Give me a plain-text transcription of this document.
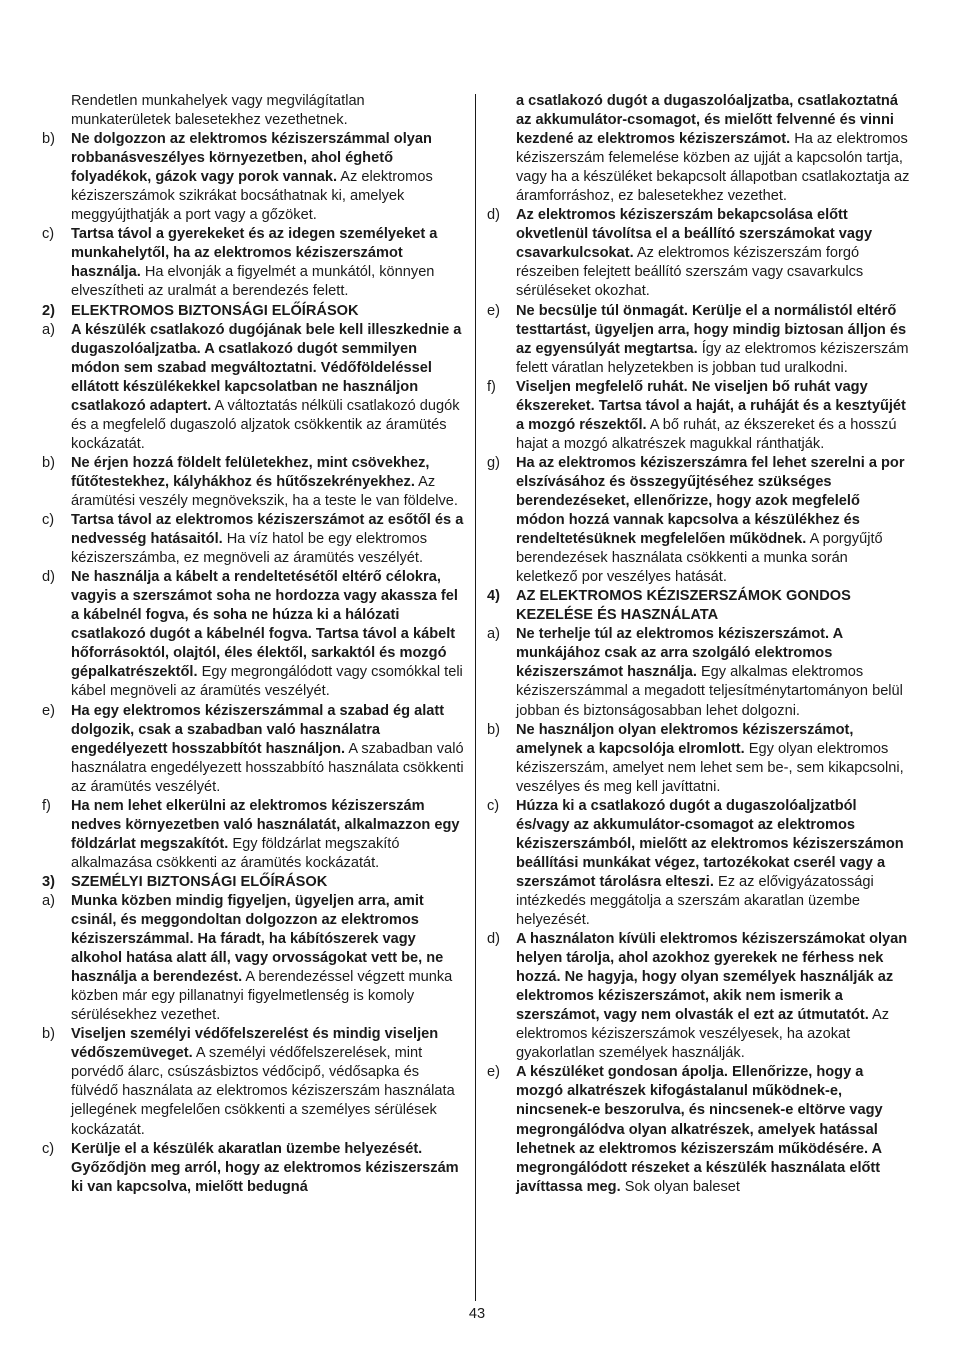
Rendetlen munkahelyek vagy megvilágítatlan munkaterületek balesetekhez vezethetnek.

b) Ne dolgozzon az elektromos kéziszerszámmal olyan robbanásveszélyes környezetben, ahol éghető folyadékok, gázok vagy porok vannak. Az elektromos kéziszerszámok szikrákat bocsáthatnak ki, amelyek meggyújthatják a port vagy a gőzöket.

c) Tartsa távol a gyerekeket és az idegen személyeket a munkahelytől, ha az elektromos kéziszerszámot használja. Ha elvonják a figyelmét a munkától, könnyen elveszítheti az uralmát a berendezés felett.

2) ELEKTROMOS BIZTONSÁGI ELŐÍRÁSOK

a) A készülék csatlakozó dugójának bele kell illeszkednie a dugaszolóaljzatba. A csatlakozó dugót semmilyen módon sem szabad megváltoztatni. Védőföldeléssel ellátott készülékekkel kapcsolatban ne használjon csatlakozó adaptert. A változtatás nélküli csatlakozó dugók és a megfelelő dugaszoló aljzatok csökkentik az áramütés kockázatát.

b) Ne érjen hozzá földelt felületekhez, mint csövekhez, fűtőtestekhez, kályhákhoz és hűtőszekrényekhez. Az áramütési veszély megnövekszik, ha a teste le van földelve.

c) Tartsa távol az elektromos kéziszerszámot az esőtől és a nedvesség hatásaitól. Ha víz hatol be egy elektromos kéziszerszámba, ez megnöveli az áramütés veszélyét.

d) Ne használja a kábelt a rendeltetésétől eltérő célokra, vagyis a szerszámot soha ne hordozza vagy akassza fel a kábelnél fogva, és soha ne húzza ki a hálózati csatlakozó dugót a kábelnél fogva. Tartsa távol a kábelt hőforrásoktól, olajtól, éles élektől, sarkaktól és mozgó gépalkatrészektől. Egy megrongálódott vagy csomókkal teli kábel megnöveli az áramütés veszélyét.

e) Ha egy elektromos kéziszerszámmal a szabad ég alatt dolgozik, csak a szabadban való használatra engedélyezett hosszabbítót használjon. A szabadban való használatra engedélyezett hosszabbító használata csökkenti az áramütés veszélyét.

f) Ha nem lehet elkerülni az elektromos kéziszerszám nedves környezetben való használatát, alkalmazzon egy földzárlat megszakítót. Egy földzárlat megszakító alkalmazása csökkenti az áramütés kockázatát.

3) SZEMÉLYI BIZTONSÁGI ELŐÍRÁSOK

a) Munka közben mindig figyeljen, ügyeljen arra, amit csinál, és meggondoltan dolgozzon az elektromos kéziszerszámmal. Ha fáradt, ha kábítószerek vagy alkohol hatása alatt áll, vagy orvosságokat vett be, ne használja a berendezést. A berendezéssel végzett munka közben már egy pillanatnyi figyelmetlenség is komoly sérülésekhez vezethet.

b) Viseljen személyi védőfelszerelést és mindig viseljen védőszemüveget. A személyi védőfelszerelések, mint porvédő álarc, csúszásbiztos védőcipő, védősapka és fülvédő használata az elektromos kéziszerszám használata jellegének megfelelően csökkenti a személyes sérülések kockázatát.

c) Kerülje el a készülék akaratlan üzembe helyezését. Győződjön meg arról, hogy az elektromos kéziszerszám ki van kapcsolva, mielőtt bedugná

a csatlakozó dugót a dugaszolóaljzatba, csatlakoztatná az akkumulátor-csomagot, és mielőtt felvenné és vinni kezdené az elektromos kéziszerszámot. Ha az elektromos kéziszerszám felemelése közben az ujját a kapcsolón tartja, vagy ha a készüléket bekapcsolt állapotban csatlakoztatja az áramforráshoz, ez balesetekhez vezethet.

d) Az elektromos kéziszerszám bekapcsolása előtt okvetlenül távolítsa el a beállító szerszámokat vagy csavarkulcsokat. Az elektromos kéziszerszám forgó részeiben felejtett beállító szerszám vagy csavarkulcs sérüléseket okozhat.

e) Ne becsülje túl önmagát. Kerülje el a normálistól eltérő testtartást, ügyeljen arra, hogy mindig biztosan álljon és az egyensúlyát megtartsa. Így az elektromos kéziszerszám felett váratlan helyzetekben is jobban tud uralkodni.

f) Viseljen megfelelő ruhát. Ne viseljen bő ruhát vagy ékszereket. Tartsa távol a haját, a ruháját és a kesztyűjét a mozgó részektől. A bő ruhát, az ékszereket és a hosszú hajat a mozgó alkatrészek magukkal ránthatják.

g) Ha az elektromos kéziszerszámra fel lehet szerelni a por elszívásához és összegyűjtéséhez szükséges berendezéseket, ellenőrizze, hogy azok megfelelő módon hozzá vannak kapcsolva a készülékhez és rendeltetésüknek megfelelően működnek. A porgyűjtő berendezések használata csökkenti a munka során keletkező por veszélyes hatását.

4) AZ ELEKTROMOS KÉZISZERSZÁMOK GONDOS KEZELÉSE ÉS HASZNÁLATA

a) Ne terhelje túl az elektromos kéziszerszámot. A munkájához csak az arra szolgáló elektromos kéziszerszámot használja. Egy alkalmas elektromos kéziszerszámmal a megadott teljesítménytartományon belül jobban és biztonságosabban lehet dolgozni.

b) Ne használjon olyan elektromos kéziszerszámot, amelynek a kapcsolója elromlott. Egy olyan elektromos kéziszerszám, amelyet nem lehet sem be-, sem kikapcsolni, veszélyes és meg kell javíttatni.

c) Húzza ki a csatlakozó dugót a dugaszolóaljzatból és/vagy az akkumulátor-csomagot az elektromos kéziszerszámból, mielőtt az elektromos kéziszerszámon beállítási munkákat végez, tartozékokat cserél vagy a szerszámot tárolásra elteszi. Ez az elővigyázatossági intézkedés meggátolja a szerszám akaratlan üzembe helyezését.

d) A használaton kívüli elektromos kéziszerszámokat olyan helyen tárolja, ahol azokhoz gyerekek ne férhess nek hozzá. Ne hagyja, hogy olyan személyek használják az elektromos kéziszerszámot, akik nem ismerik a szerszámot, vagy nem olvasták el ezt az útmutatót. Az elektromos kéziszerszámok veszélyesek, ha azokat gyakorlatlan személyek használják.

e) A készüléket gondosan ápolja. Ellenőrizze, hogy a mozgó alkatrészek kifogástalanul működnek-e, nincsenek-e beszorulva, és nincsenek-e eltörve vagy megrongálódva olyan alkatrészek, amelyek hatással lehetnek az elektromos kéziszerszám működésére. A megrongálódott részeket a készülék használata előtt javíttassa meg. Sok olyan baleset

43
